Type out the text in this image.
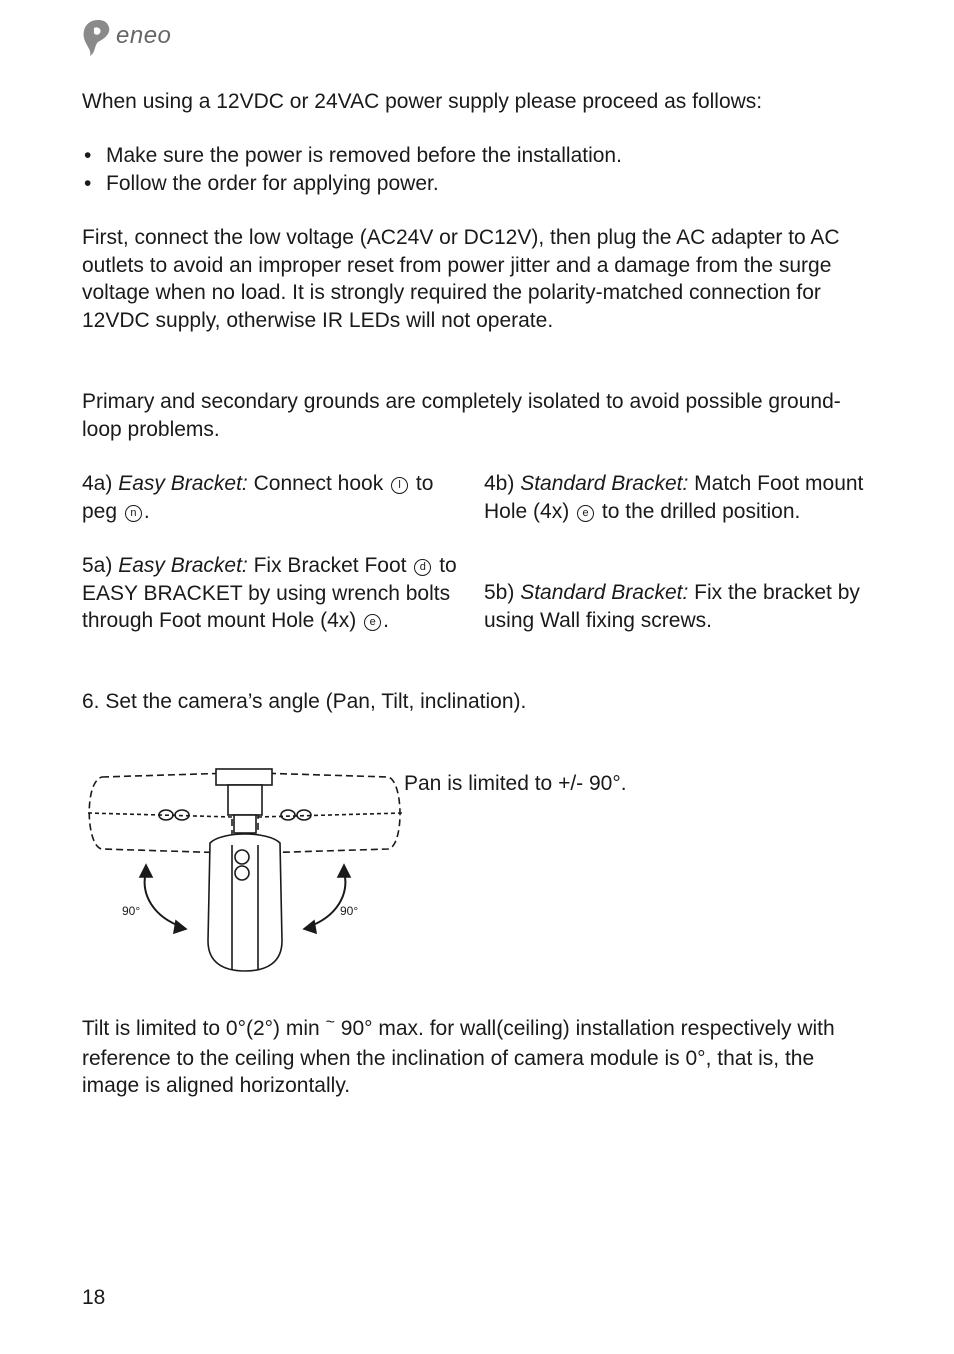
eneo

When using a 12VDC or 24VAC power supply please proceed as follows:

• Make sure the power is removed before the installation.
• Follow the order for applying power.

First, connect the low voltage (AC24V or DC12V), then plug the AC adapter to AC outlets to avoid an improper reset from power jitter and a damage from the surge voltage when no load. It is strongly required the polarity-matched connection for 12VDC supply, otherwise IR LEDs will not operate.

Primary and secondary grounds are completely isolated to avoid possible ground-loop problems.

4a) Easy Bracket: Connect hook l to peg n .

4b) Standard Bracket: Match Foot mount Hole (4x) e to the drilled position.

5a) Easy Bracket: Fix Bracket Foot d to EASY BRACKET by using wrench bolts through Foot mount Hole (4x) e .

5b) Standard Bracket: Fix the bracket by using Wall fixing screws.

6. Set the camera’s angle (Pan, Tilt, inclination).

90°	90°

Pan is limited to +/- 90°.

Tilt is limited to 0°(2°) min ~ 90° max. for wall(ceiling) installation respectively with reference to the ceiling when the inclination of camera module is 0°, that is, the image is aligned horizontally.

18
